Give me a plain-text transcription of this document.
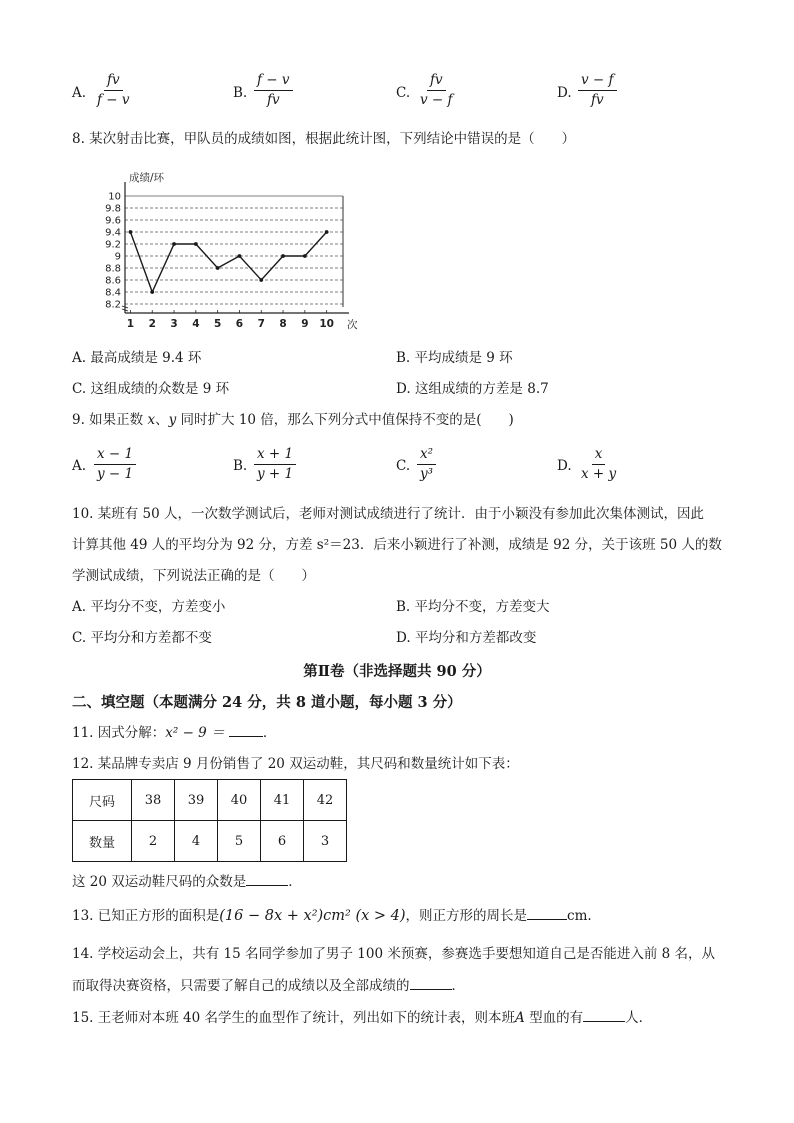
A. $\frac{fv}{f - v}$	B. $\frac{f - v}{fv}$	C. $\frac{fv}{v - f}$	D. $\frac{v - f}{fv}$
8. 某次射击比赛，甲队员的成绩如图，根据此统计图，下列结论中错误的是（　　）
8.2
8.4
8.6
8.8
9
9.2
9.4
9.6
9.8
10
成绩/环
1 2 3 4 5 6 7 8 9 10 次
A. 最高成绩是 9.4 环	B. 平均成绩是 9 环
C. 这组成绩的众数是 9 环	D. 这组成绩的方差是 8.7
9. 如果正数 x、y 同时扩大 10 倍，那么下列分式中值保持不变的是(　　)
A. $\frac{x - 1}{y - 1}$	B. $\frac{x + 1}{y + 1}$	C. $\frac{\text{x²}}{\text{y³}}$	D. $\frac{x}{x + y}$
10. 某班有 50 人，一次数学测试后，老师对测试成绩进行了统计．由于小颖没有参加此次集体测试，因此
计算其他 49 人的平均分为 92 分，方差 s²＝23．后来小颖进行了补测，成绩是 92 分，关于该班 50 人的数
学测试成绩，下列说法正确的是（　　）
A. 平均分不变，方差变小	B. 平均分不变，方差变大
C. 平均分和方差都不变	D. 平均分和方差都改变
第Ⅱ卷（非选择题共 90 分）
二、填空题（本题满分 24 分，共 8 道小题，每小题 3 分）
11. 因式分解：x² − 9 ＝	．
12. 某品牌专卖店 9 月份销售了 20 双运动鞋，其尺码和数量统计如下表：
尺码	38	39	40	41	42
数量	2	4	5	6	3
这 20 双运动鞋尺码的众数是	．
13. 已知正方形的面积是(16 − 8x + x²)cm² (x > 4)，则正方形的周长是	cm.
14. 学校运动会上，共有 15 名同学参加了男子 100 米预赛，参赛选手要想知道自己是否能进入前 8 名，从
而取得决赛资格，只需要了解自己的成绩以及全部成绩的	．
15. 王老师对本班 40 名学生的血型作了统计，列出如下的统计表，则本班A 型血的有	人．
